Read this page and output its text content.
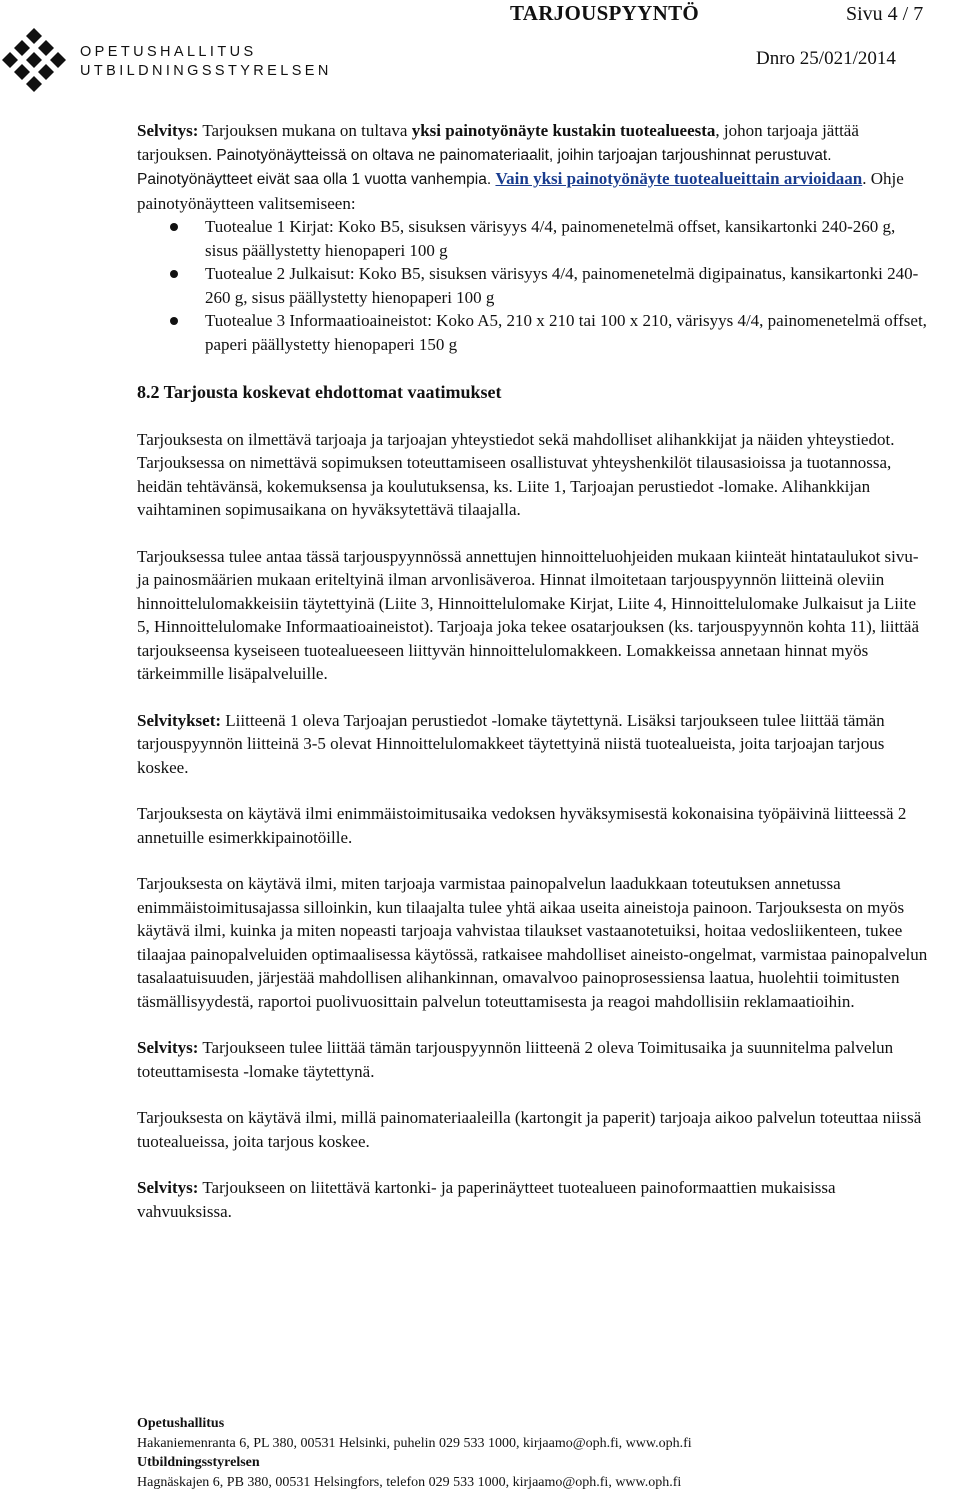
OPETUSHALLITUS
UTBILDNINGSSTYRELSEN
TARJOUSPYYNTÖ	Sivu 4 / 7
Dnro 25/021/2014

Selvitys: Tarjouksen mukana on tultava yksi painotyönäyte kustakin tuotealueesta, johon tarjoaja jättää tarjouksen. Painotyönäytteissä on oltava ne painomateriaalit, joihin tarjoajan tarjoushinnat perustuvat. Painotyönäytteet eivät saa olla 1 vuotta vanhempia. Vain yksi painotyönäyte tuotealueittain arvioidaan. Ohje painotyönäytteen valitsemiseen:

Tuotealue 1 Kirjat: Koko B5, sisuksen värisyys 4/4, painomenetelmä offset, kansikartonki 240-260 g, sisus päällystetty hienopaperi 100 g
Tuotealue 2 Julkaisut: Koko B5, sisuksen värisyys 4/4, painomenetelmä digipainatus, kansikartonki 240-260 g, sisus päällystetty hienopaperi 100 g
Tuotealue 3 Informaatioaineistot: Koko A5, 210 x 210 tai 100 x 210, värisyys 4/4, painomenetelmä offset, paperi päällystetty hienopaperi 150 g
8.2 Tarjousta koskevat ehdottomat vaatimukset

Tarjouksesta on ilmettävä tarjoaja ja tarjoajan yhteystiedot sekä mahdolliset alihankkijat ja näiden yhteystiedot. Tarjouksessa on nimettävä sopimuksen toteuttamiseen osallistuvat yhteyshenkilöt tilausasioissa ja tuotannossa, heidän tehtävänsä, kokemuksensa ja koulutuksensa, ks. Liite 1, Tarjoajan perustiedot -lomake. Alihankkijan vaihtaminen sopimusaikana on hyväksytettävä tilaajalla.

Tarjouksessa tulee antaa tässä tarjouspyynnössä annettujen hinnoitteluohjeiden mukaan kiinteät hintataulukot sivu- ja painosmäärien mukaan eriteltyinä ilman arvonlisäveroa. Hinnat ilmoitetaan tarjouspyynnön liitteinä oleviin hinnoittelulomakkeisiin täytettyinä (Liite 3, Hinnoittelulomake Kirjat, Liite 4, Hinnoittelulomake Julkaisut ja Liite 5, Hinnoittelulomake Informaatioaineistot). Tarjoaja joka tekee osatarjouksen (ks. tarjouspyynnön kohta 11), liittää tarjoukseensa kyseiseen tuotealueeseen liittyvän hinnoittelulomakkeen. Lomakkeissa annetaan hinnat myös tärkeimmille lisäpalveluille.

Selvitykset: Liitteenä 1 oleva Tarjoajan perustiedot -lomake täytettynä. Lisäksi tarjoukseen tulee liittää tämän tarjouspyynnön liitteinä 3-5 olevat Hinnoittelulomakkeet täytettyinä niistä tuotealueista, joita tarjoajan tarjous koskee.

Tarjouksesta on käytävä ilmi enimmäistoimitusaika vedoksen hyväksymisestä kokonaisina työpäivinä liitteessä 2 annetuille esimerkkipainotöille.

Tarjouksesta on käytävä ilmi, miten tarjoaja varmistaa painopalvelun laadukkaan toteutuksen annetussa enimmäistoimitusajassa silloinkin, kun tilaajalta tulee yhtä aikaa useita aineistoja painoon. Tarjouksesta on myös käytävä ilmi, kuinka ja miten nopeasti tarjoaja vahvistaa tilaukset vastaanotetuiksi, hoitaa vedosliikenteen, tukee tilaajaa painopalveluiden optimaalisessa käytössä, ratkaisee mahdolliset aineisto-ongelmat, varmistaa painopalvelun tasalaatuisuuden, järjestää mahdollisen alihankinnan, omavalvoo painoprosessiensa laatua, huolehtii toimitusten täsmällisyydestä, raportoi puolivuosittain palvelun toteuttamisesta ja reagoi mahdollisiin reklamaatioihin.

Selvitys: Tarjoukseen tulee liittää tämän tarjouspyynnön liitteenä 2 oleva Toimitusaika ja suunnitelma palvelun toteuttamisesta -lomake täytettynä.

Tarjouksesta on käytävä ilmi, millä painomateriaaleilla (kartongit ja paperit) tarjoaja aikoo palvelun toteuttaa niissä tuotealueissa, joita tarjous koskee.

Selvitys: Tarjoukseen on liitettävä kartonki- ja paperinäytteet tuotealueen painoformaattien mukaisissa vahvuuksissa.

Opetushallitus
Hakaniemenranta 6, PL 380, 00531 Helsinki, puhelin 029 533 1000, kirjaamo@oph.fi, www.oph.fi
Utbildningsstyrelsen
Hagnäskajen 6, PB 380, 00531 Helsingfors, telefon 029 533 1000, kirjaamo@oph.fi, www.oph.fi
